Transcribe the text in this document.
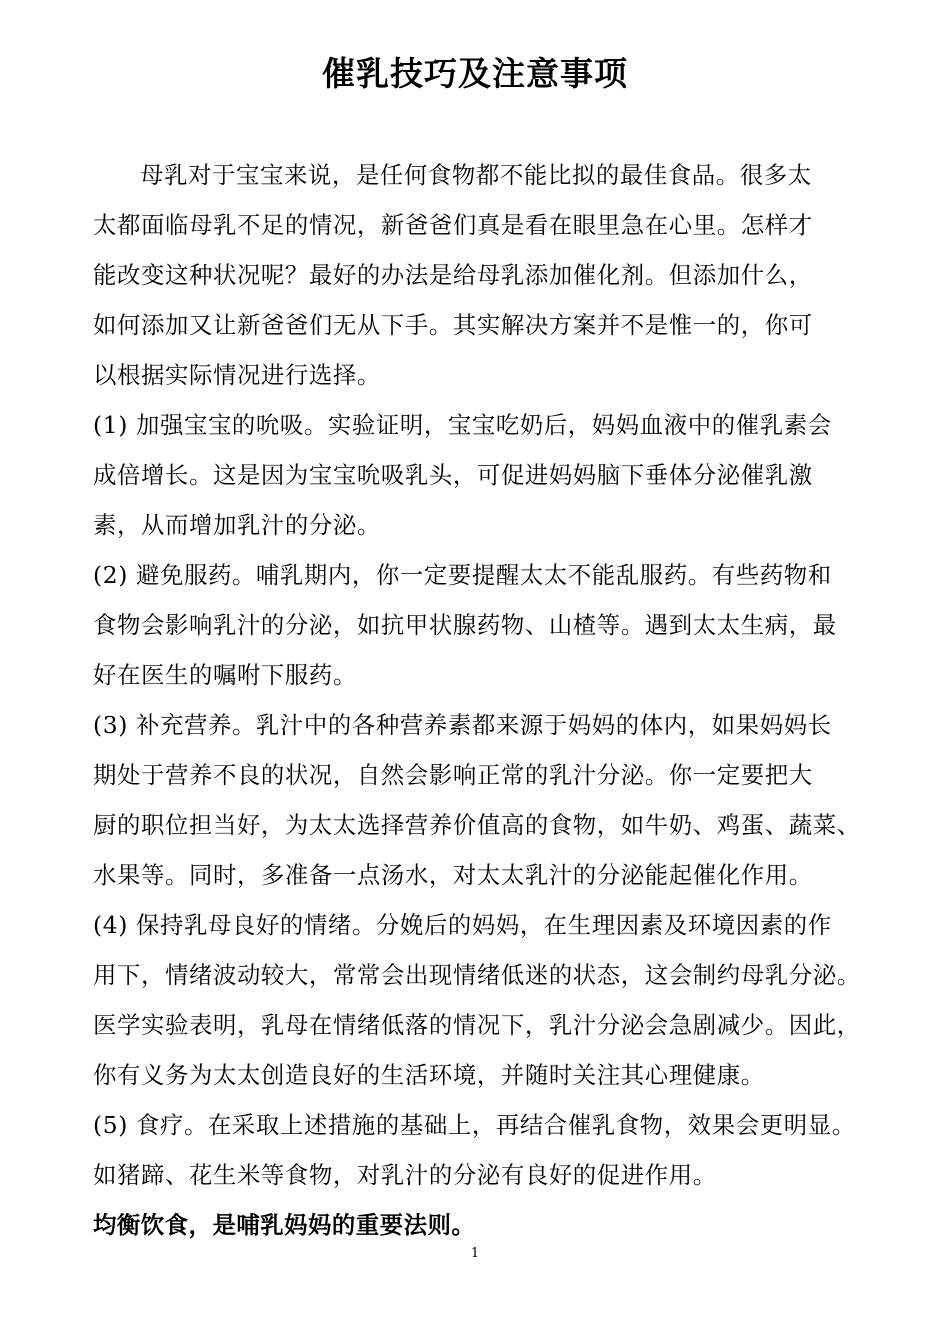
催乳技巧及注意事项
母乳对于宝宝来说，是任何食物都不能比拟的最佳食品。很多太
太都面临母乳不足的情况，新爸爸们真是看在眼里急在心里。怎样才
能改变这种状况呢？最好的办法是给母乳添加催化剂。但添加什么，
如何添加又让新爸爸们无从下手。其实解决方案并不是惟一的，你可
以根据实际情况进行选择。
(1) 加强宝宝的吮吸。实验证明，宝宝吃奶后，妈妈血液中的催乳素会
成倍增长。这是因为宝宝吮吸乳头，可促进妈妈脑下垂体分泌催乳激
素，从而增加乳汁的分泌。
(2) 避免服药。哺乳期内，你一定要提醒太太不能乱服药。有些药物和
食物会影响乳汁的分泌，如抗甲状腺药物、山楂等。遇到太太生病，最
好在医生的嘱咐下服药。
(3) 补充营养。乳汁中的各种营养素都来源于妈妈的体内，如果妈妈长
期处于营养不良的状况，自然会影响正常的乳汁分泌。你一定要把大
厨的职位担当好，为太太选择营养价值高的食物，如牛奶、鸡蛋、蔬菜、
水果等。同时，多准备一点汤水，对太太乳汁的分泌能起催化作用。
(4) 保持乳母良好的情绪。分娩后的妈妈，在生理因素及环境因素的作
用下，情绪波动较大，常常会出现情绪低迷的状态，这会制约母乳分泌。
医学实验表明，乳母在情绪低落的情况下，乳汁分泌会急剧减少。因此，
你有义务为太太创造良好的生活环境，并随时关注其心理健康。
(5) 食疗。在采取上述措施的基础上，再结合催乳食物，效果会更明显。
如猪蹄、花生米等食物，对乳汁的分泌有良好的促进作用。
均衡饮食，是哺乳妈妈的重要法则。
1
